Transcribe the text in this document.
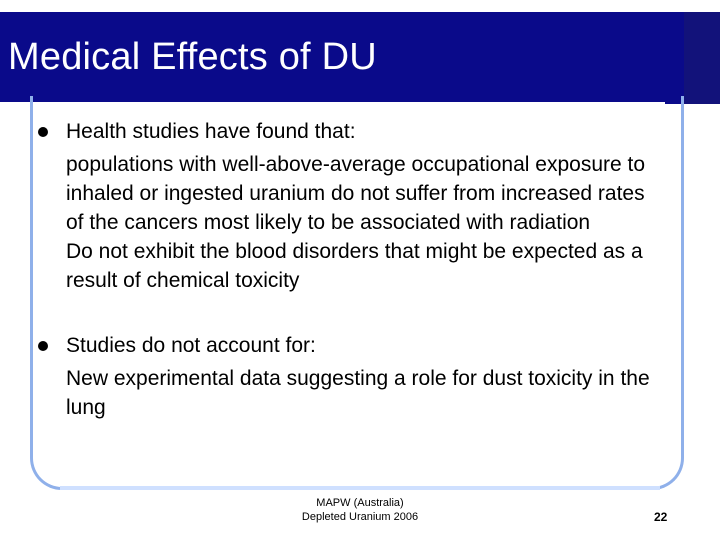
Medical Effects of DU
Health studies have found that:
populations with well-above-average occupational exposure to inhaled or ingested uranium do not suffer from increased rates of the cancers most likely to be associated with radiation
Do not exhibit the blood disorders that might be expected as a result of chemical toxicity
Studies do not account for:
New experimental data suggesting a role for dust toxicity in the lung
MAPW (Australia)
Depleted Uranium 2006	22
